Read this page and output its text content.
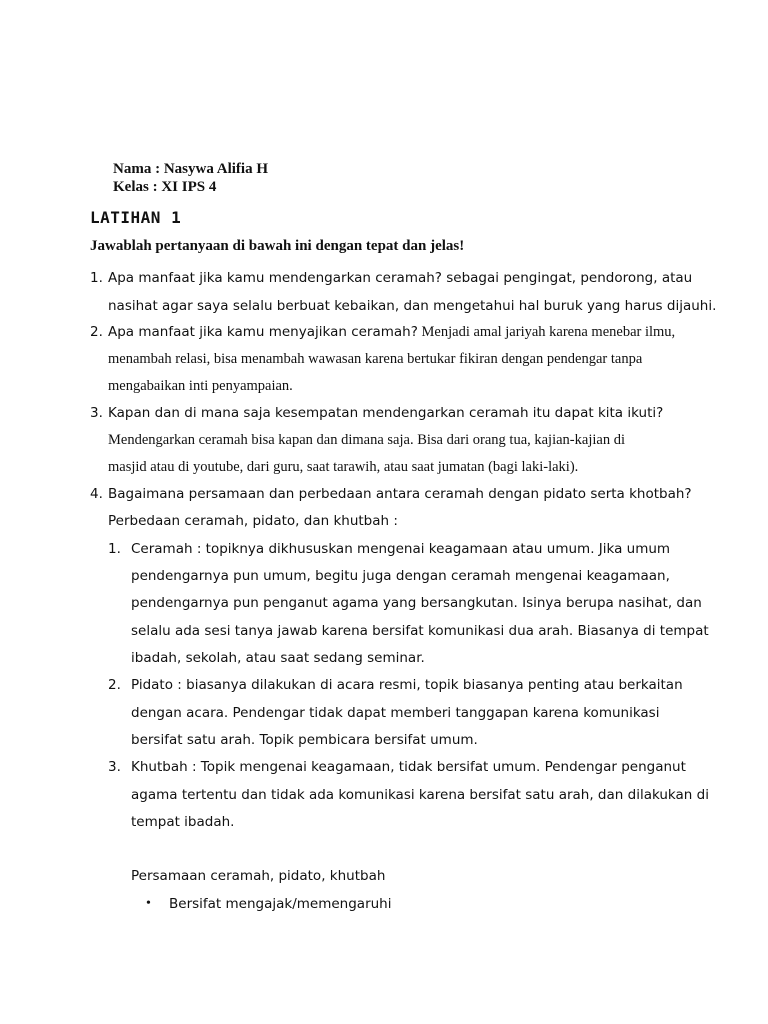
Nama : Nasywa Alifia H
Kelas : XI IPS 4
LATIHAN 1
Jawablah pertanyaan di bawah ini dengan tepat dan jelas!
1. Apa manfaat jika kamu mendengarkan ceramah? sebagai pengingat, pendorong, atau
nasihat agar saya selalu berbuat kebaikan, dan mengetahui hal buruk yang harus dijauhi.
2. Apa manfaat jika kamu menyajikan ceramah? Menjadi amal jariyah karena menebar ilmu,
menambah relasi, bisa menambah wawasan karena bertukar fikiran dengan pendengar tanpa
mengabaikan inti penyampaian.
3. Kapan dan di mana saja kesempatan mendengarkan ceramah itu dapat kita ikuti?
Mendengarkan ceramah bisa kapan dan dimana saja. Bisa dari orang tua, kajian-kajian di
masjid atau di youtube, dari guru, saat tarawih, atau saat jumatan (bagi laki-laki).
4. Bagaimana persamaan dan perbedaan antara ceramah dengan pidato serta khotbah?
Perbedaan ceramah, pidato, dan khutbah :
1. Ceramah : topiknya dikhususkan mengenai keagamaan atau umum. Jika umum
pendengarnya pun umum, begitu juga dengan ceramah mengenai keagamaan,
pendengarnya pun penganut agama yang bersangkutan. Isinya berupa nasihat, dan
selalu ada sesi tanya jawab karena bersifat komunikasi dua arah. Biasanya di tempat
ibadah, sekolah, atau saat sedang seminar.
2. Pidato : biasanya dilakukan di acara resmi, topik biasanya penting atau berkaitan
dengan acara. Pendengar tidak dapat memberi tanggapan karena komunikasi
bersifat satu arah. Topik pembicara bersifat umum.
3. Khutbah : Topik mengenai keagamaan, tidak bersifat umum. Pendengar penganut
agama tertentu dan tidak ada komunikasi karena bersifat satu arah, dan dilakukan di
tempat ibadah.
Persamaan ceramah, pidato, khutbah
• Bersifat mengajak/memengaruhi
